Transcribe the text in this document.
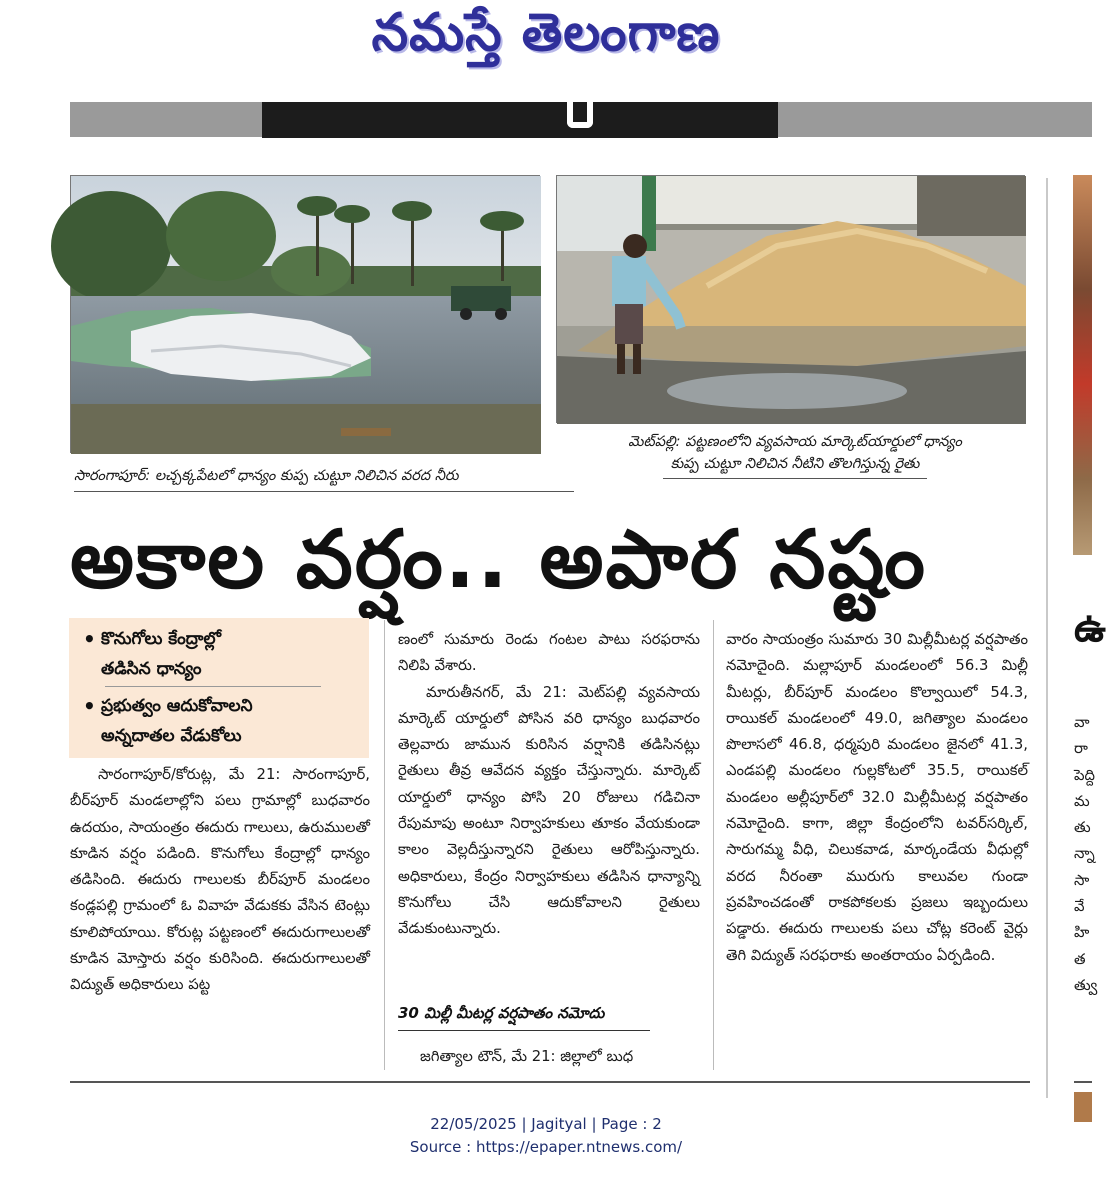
నమస్తే తెలంగాణ
సారంగాపూర్‌: లచ్చక్కపేటలో ధాన్యం కుప్ప చుట్టూ నిలిచిన వరద నీరు
మెట్‌పల్లి: పట్టణంలోని వ్యవసాయ మార్కెట్‌యార్డులో ధాన్యం
కుప్ప చుట్టూ నిలిచిన నీటిని తొలగిస్తున్న రైతు
అకాల వర్షం.. అపార నష్టం
ఉ
• కొనుగోలు కేంద్రాల్లో
తడిసిన ధాన్యం
• ప్రభుత్వం ఆదుకోవాలని
అన్నదాతల వేడుకోలు

సారంగాపూర్‌/కోరుట్ల, మే 21: సారంగాపూర్‌, బీర్‌పూర్‌ మండలాల్లోని పలు గ్రామాల్లో బుధవారం ఉదయం, సాయంత్రం ఈదురు గాలులు, ఉరుములతో కూడిన వర్షం పడింది. కొనుగోలు కేంద్రాల్లో ధాన్యం తడిసింది. ఈదురు గాలులకు బీర్‌పూర్‌ మండలం కండ్లపల్లి గ్రామంలో ఓ వివాహ వేడుకకు వేసిన టెంట్లు కూలిపోయాయి. కోరుట్ల పట్టణంలో ఈదురుగాలులతో కూడిన మోస్తారు వర్షం కురిసింది. ఈదురుగాలులతో విద్యుత్‌ అధికారులు పట్ట

ణంలో సుమారు రెండు గంటల పాటు సరఫరాను నిలిపి వేశారు.

మారుతీనగర్‌, మే 21: మెట్‌పల్లి వ్యవసాయ మార్కెట్‌ యార్డులో పోసిన వరి ధాన్యం బుధవారం తెల్లవారు జామున కురిసిన వర్షానికి తడిసినట్లు రైతులు తీవ్ర ఆవేదన వ్యక్తం చేస్తున్నారు. మార్కెట్‌ యార్డులో ధాన్యం పోసి 20 రోజులు గడిచినా రేపుమాపు అంటూ నిర్వాహకులు తూకం వేయకుండా కాలం వెల్లదీస్తున్నారని రైతులు ఆరోపిస్తున్నారు. అధికారులు, కేంద్రం నిర్వాహకులు తడిసిన ధాన్యాన్ని కొనుగోలు చేసి ఆదుకోవాలని రైతులు వేడుకుంటున్నారు.

30 మిల్లీ మీటర్ల వర్షపాతం నమోదు
జగిత్యాల టౌన్‌, మే 21: జిల్లాలో బుధ

వారం సాయంత్రం సుమారు 30 మిల్లీమీటర్ల వర్షపాతం నమోదైంది. మల్లాపూర్‌ మండలంలో 56.3 మిల్లీ మీటర్లు, బీర్‌పూర్‌ మండలం కొల్వాయిలో 54.3, రాయికల్‌ మండలంలో 49.0, జగిత్యాల మండలం పొలాసలో 46.8, ధర్మపురి మండలం జైనలో 41.3, ఎండపల్లి మండలం గుల్లకోటలో 35.5, రాయికల్‌ మండలం అల్లీపూర్‌లో 32.0 మిల్లీమీటర్ల వర్షపాతం నమోదైంది. కాగా, జిల్లా కేంద్రంలోని టవర్‌సర్కిల్‌, సారుగమ్మ వీధి, చిలుకవాడ, మార్కండేయ వీధుల్లో వరద నీరంతా మురుగు కాలువల గుండా ప్రవహించడంతో రాకపోకలకు ప్రజలు ఇబ్బందులు పడ్డారు. ఈదురు గాలులకు పలు చోట్ల కరెంట్‌ వైర్లు తెగి విద్యుత్‌ సరఫరాకు అంతరాయం ఏర్పడింది.

వా
రా
పెద్ది
మ
తు
న్నా
సా
వే
హి
త
త్వు
22/05/2025 | Jagityal | Page : 2
Source : https://epaper.ntnews.com/
